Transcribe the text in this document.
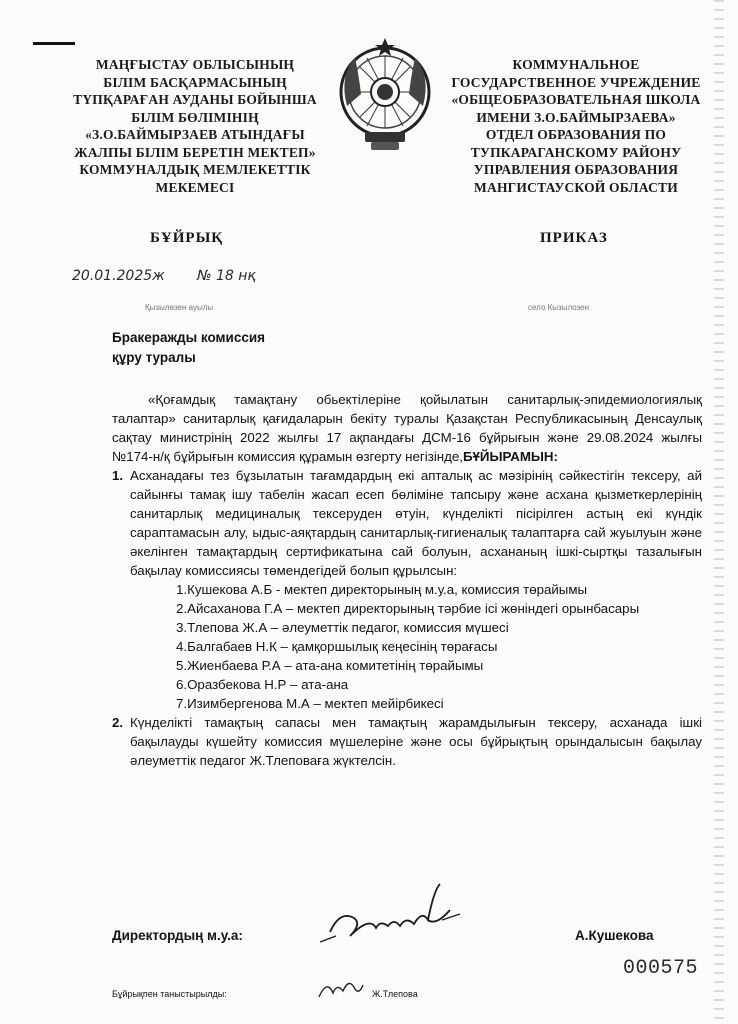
МАҢҒЫСТАУ ОБЛЫСЫНЫҢ
БІЛІМ БАСҚАРМАСЫНЫҢ
ТҮПҚАРАҒАН АУДАНЫ БОЙЫНША
БІЛІМ БӨЛІМІНІҢ
«З.О.БАЙМЫРЗАЕВ АТЫНДАҒЫ
ЖАЛПЫ БІЛІМ БЕРЕТІН МЕКТЕП»
КОММУНАЛДЫҚ МЕМЛЕКЕТТІК
МЕКЕМЕСІ
КОММУНАЛЬНОЕ
ГОСУДАРСТВЕННОЕ УЧРЕЖДЕНИЕ
«ОБЩЕОБРАЗОВАТЕЛЬНАЯ ШКОЛА
ИМЕНИ З.О.БАЙМЫРЗАЕВА»
ОТДЕЛ ОБРАЗОВАНИЯ ПО
ТУПКАРАГАНСКОМУ РАЙОНУ
УПРАВЛЕНИЯ ОБРАЗОВАНИЯ
МАНГИСТАУСКОЙ ОБЛАСТИ
БҰЙРЫҚ	ПРИКАЗ
20.01.2025ж № 18 нқ
Қызылөзен ауылы	село Кызылозен
Бракеражды комиссия
құру туралы

«Қоғамдық тамақтану обьектілеріне қойылатын санитарлық-эпидемиологиялық талаптар» санитарлық қағидаларын бекіту туралы Қазақстан Республикасының Денсаулық сақтау министрінің 2022 жылғы 17 ақпандағы ДСМ-16 бұйрығын және 29.08.2024 жылғы №174-н/қ бұйрығын комиссия құрамын өзгерту негізінде,БҰЙЫРАМЫН:

1. Асханадағы тез бұзылатын тағамдардың екі апталық ас мәзірінің сәйкестігін тексеру, ай сайынғы тамақ ішу табелін жасап есеп бөліміне тапсыру және асхана қызметкерлерінің санитарлық медициналық тексеруден өтуін, күнделікті пісірілген астың екі күндік сараптамасын алу, ыдыс-аяқтардың санитарлық-гигиеналық талаптарға сай жуылуын және әкелінген тамақтардың сертификатына сай болуын, асхананың ішкі-сыртқы тазалығын бақылау комиссиясы төмендегідей болып құрылсын:
1.Кушекова А.Б - мектеп директорының м.у.а, комиссия төрайымы
2.Айсаханова Г.А – мектеп директорының тәрбие ісі жөніндегі орынбасары
3.Тлепова Ж.А – әлеуметтік педагог, комиссия мүшесі
4.Балгабаев Н.К – қамқоршылық кеңесінің төрағасы
5.Жиенбаева Р.А – ата-ана комитетінің төрайымы
6.Оразбекова Н.Р – ата-ана
7.Изимбергенова М.А – мектеп мейірбикесі
2. Күнделікті тамақтың сапасы мен тамақтың жарамдылығын тексеру, асханада ішкі бақылауды күшейту комиссия мүшелеріне және осы бұйрықтың орындалысын бақылау әлеуметтік педагог Ж.Тлеповаға жүктелсін.
Директордың м.у.а:	А.Кушекова
000575
Бұйрықпен таныстырылды:	Ж.Тлепова
